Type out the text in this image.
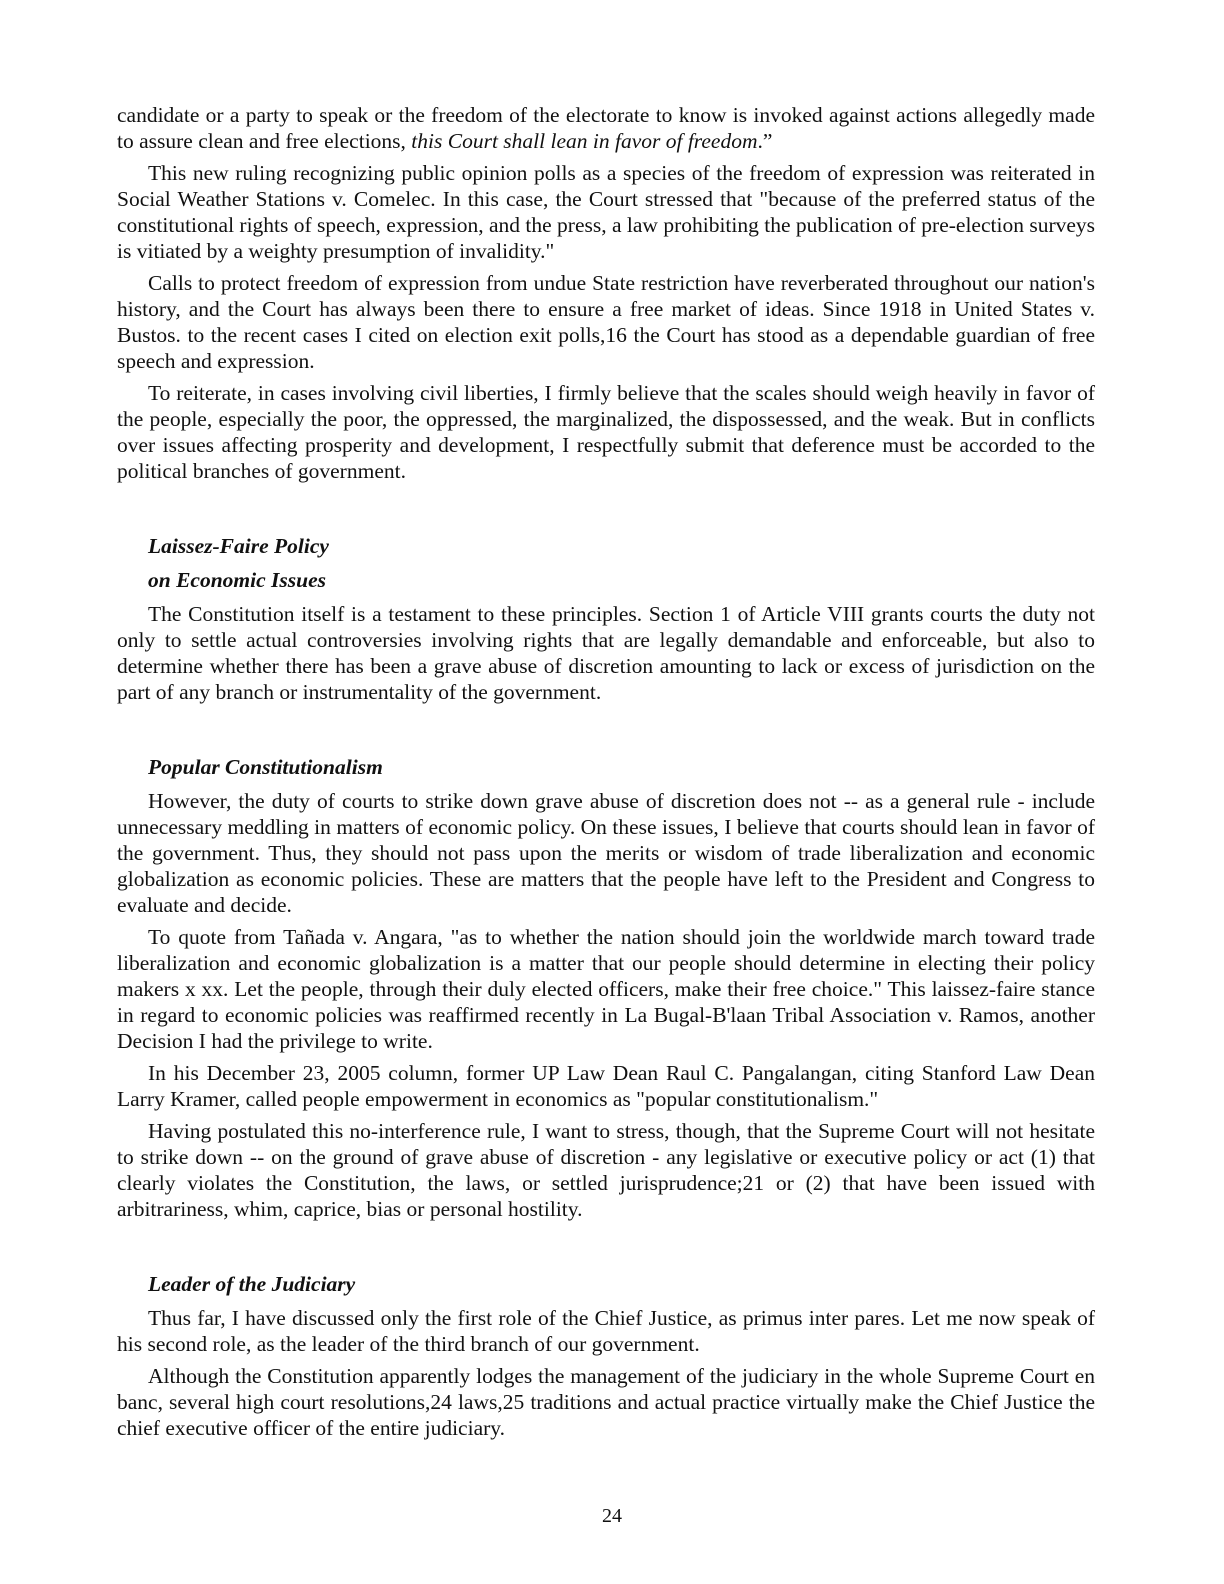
candidate or a party to speak or the freedom of the electorate to know is invoked against actions allegedly made to assure clean and free elections, this Court shall lean in favor of freedom.”

This new ruling recognizing public opinion polls as a species of the freedom of expression was reiterated in Social Weather Stations v. Comelec. In this case, the Court stressed that "because of the preferred status of the constitutional rights of speech, expression, and the press, a law prohibiting the publication of pre-election surveys is vitiated by a weighty presumption of invalidity."

Calls to protect freedom of expression from undue State restriction have reverberated throughout our nation's history, and the Court has always been there to ensure a free market of ideas. Since 1918 in United States v. Bustos. to the recent cases I cited on election exit polls,16 the Court has stood as a dependable guardian of free speech and expression.

To reiterate, in cases involving civil liberties, I firmly believe that the scales should weigh heavily in favor of the people, especially the poor, the oppressed, the marginalized, the dispossessed, and the weak. But in conflicts over issues affecting prosperity and development, I respectfully submit that deference must be accorded to the political branches of government.

Laissez-Faire Policy

on Economic Issues

The Constitution itself is a testament to these principles. Section 1 of Article VIII grants courts the duty not only to settle actual controversies involving rights that are legally demandable and enforceable, but also to determine whether there has been a grave abuse of discretion amounting to lack or excess of jurisdiction on the part of any branch or instrumentality of the government.

Popular Constitutionalism

However, the duty of courts to strike down grave abuse of discretion does not -- as a general rule - include unnecessary meddling in matters of economic policy. On these issues, I believe that courts should lean in favor of the government. Thus, they should not pass upon the merits or wisdom of trade liberalization and economic globalization as economic policies. These are matters that the people have left to the President and Congress to evaluate and decide.

To quote from Tañada v. Angara, "as to whether the nation should join the worldwide march toward trade liberalization and economic globalization is a matter that our people should determine in electing their policy makers x xx. Let the people, through their duly elected officers, make their free choice." This laissez-faire stance in regard to economic policies was reaffirmed recently in La Bugal-B'laan Tribal Association v. Ramos, another Decision I had the privilege to write.

In his December 23, 2005 column, former UP Law Dean Raul C. Pangalangan, citing Stanford Law Dean Larry Kramer, called people empowerment in economics as "popular constitutionalism."

Having postulated this no-interference rule, I want to stress, though, that the Supreme Court will not hesitate to strike down -- on the ground of grave abuse of discretion - any legislative or executive policy or act (1) that clearly violates the Constitution, the laws, or settled jurisprudence;21 or (2) that have been issued with arbitrariness, whim, caprice, bias or personal hostility.

Leader of the Judiciary

Thus far, I have discussed only the first role of the Chief Justice, as primus inter pares. Let me now speak of his second role, as the leader of the third branch of our government.

Although the Constitution apparently lodges the management of the judiciary in the whole Supreme Court en banc, several high court resolutions,24 laws,25 traditions and actual practice virtually make the Chief Justice the chief executive officer of the entire judiciary.

24
